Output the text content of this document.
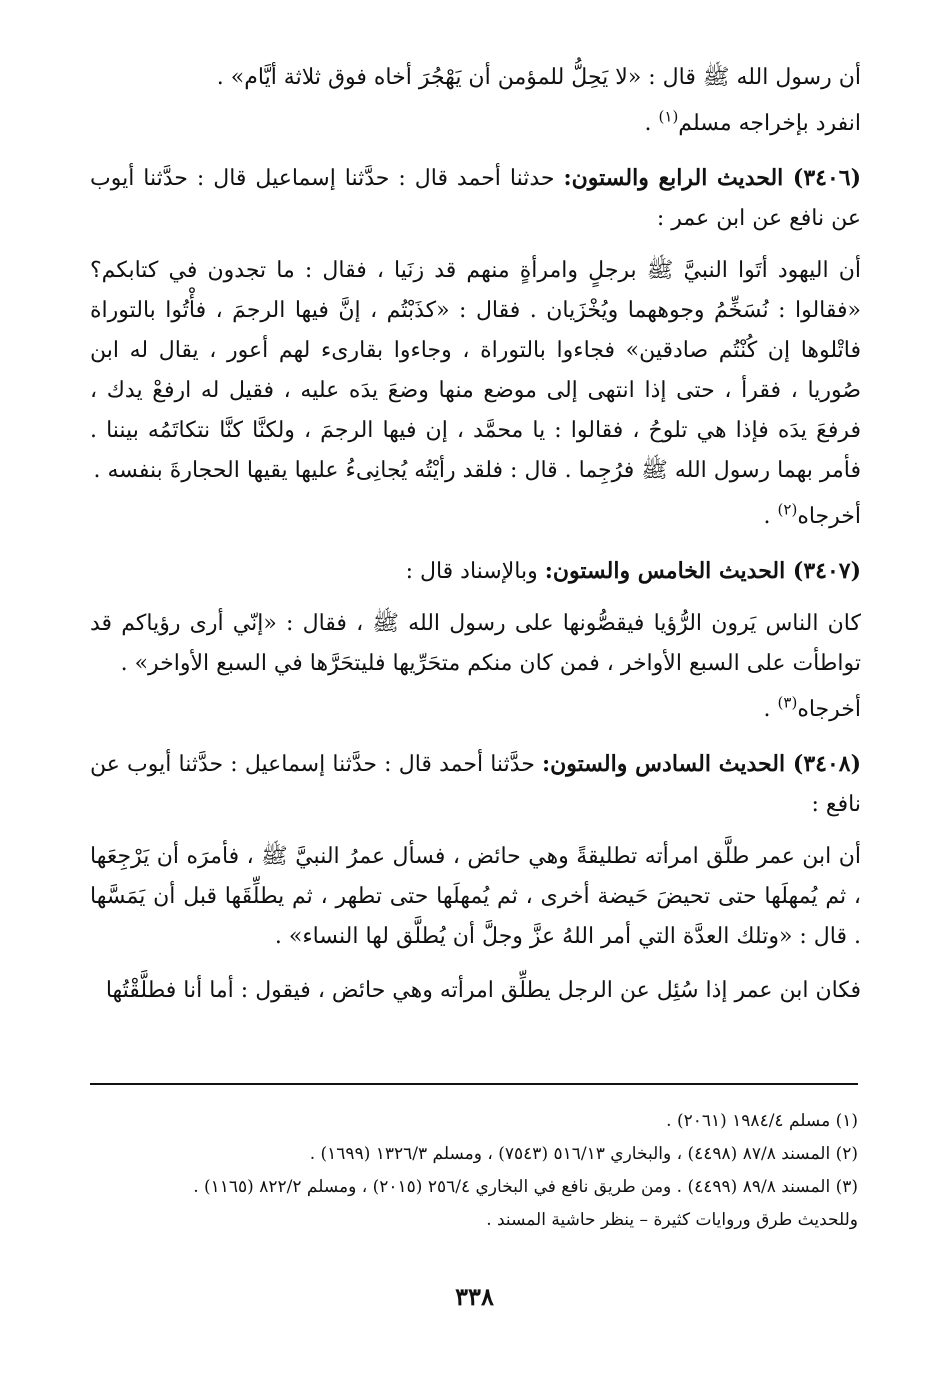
أن رسول الله ﷺ قال : «لا يَحِلُّ للمؤمن أن يَهْجُرَ أخاه فوق ثلاثة أيَّام» .

انفرد بإخراجه مسلم$^{(١)}$ .

(٣٤٠٦) الحديث الرابع والستون: حدثنا أحمد قال : حدَّثنا إسماعيل قال : حدَّثنا أيوب عن نافع عن ابن عمر :

أن اليهود أتَوا النبيَّ ﷺ برجلٍ وامرأةٍ منهم قد زنَيا ، فقال : ما تجدون في كتابكم؟ «فقالوا : نُسَخِّمُ وجوههما ويُخْزَيان . فقال : «كذَبْتُم ، إنَّ فيها الرجمَ ، فأْتُوا بالتوراة فاتْلوها إن كُنْتُم صادقين» فجاءوا بالتوراة ، وجاءوا بقارىء لهم أعور ، يقال له ابن صُوريا ، فقرأ ، حتى إذا انتهى إلى موضع منها وضعَ يدَه عليه ، فقيل له ارفعْ يدك ، فرفعَ يدَه فإذا هي تلوحُ ، فقالوا : يا محمَّد ، إن فيها الرجمَ ، ولكنَّا كنَّا نتكاتَمُه بيننا . فأمر بهما رسول الله ﷺ فرُجِما . قال : فلقد رأيْتُه يُجانِىءُ عليها يقيها الحجارةَ بنفسه .

أخرجاه$^{(٢)}$ .

(٣٤٠٧) الحديث الخامس والستون: وبالإسناد قال :

كان الناس يَرون الرُّؤيا فيقصُّونها على رسول الله ﷺ ، فقال : «إنّي أرى رؤياكم قد تواطأت على السبع الأواخر ، فمن كان منكم متحَرِّيها فليتحَرَّها في السبع الأواخر» .

أخرجاه$^{(٣)}$ .

(٣٤٠٨) الحديث السادس والستون: حدَّثنا أحمد قال : حدَّثنا إسماعيل : حدَّثنا أيوب عن نافع :

أن ابن عمر طلَّق امرأته تطليقةً وهي حائض ، فسأل عمرُ النبيَّ ﷺ ، فأمرَه أن يَرْجِعَها ، ثم يُمهلَها حتى تحيضَ حَيضة أخرى ، ثم يُمهلَها حتى تطهر ، ثم يطلِّقَها قبل أن يَمَسَّها . قال : «وتلك العدَّة التي أمر اللهُ عزَّ وجلَّ أن يُطلَّق لها النساء» .

فكان ابن عمر إذا سُئِل عن الرجل يطلِّق امرأته وهي حائض ، فيقول : أما أنا فطلَّقْتُها

(١) مسلم ١٩٨٤/٤ (٢٠٦١) .
(٢) المسند ٨٧/٨ (٤٤٩٨) ، والبخاري ٥١٦/١٣ (٧٥٤٣) ، ومسلم ١٣٢٦/٣ (١٦٩٩) .
(٣) المسند ٨٩/٨ (٤٤٩٩) . ومن طريق نافع في البخاري ٢٥٦/٤ (٢٠١٥) ، ومسلم ٨٢٢/٢ (١١٦٥) .
وللحديث طرق وروايات كثيرة – ينظر حاشية المسند .
٣٣٨
